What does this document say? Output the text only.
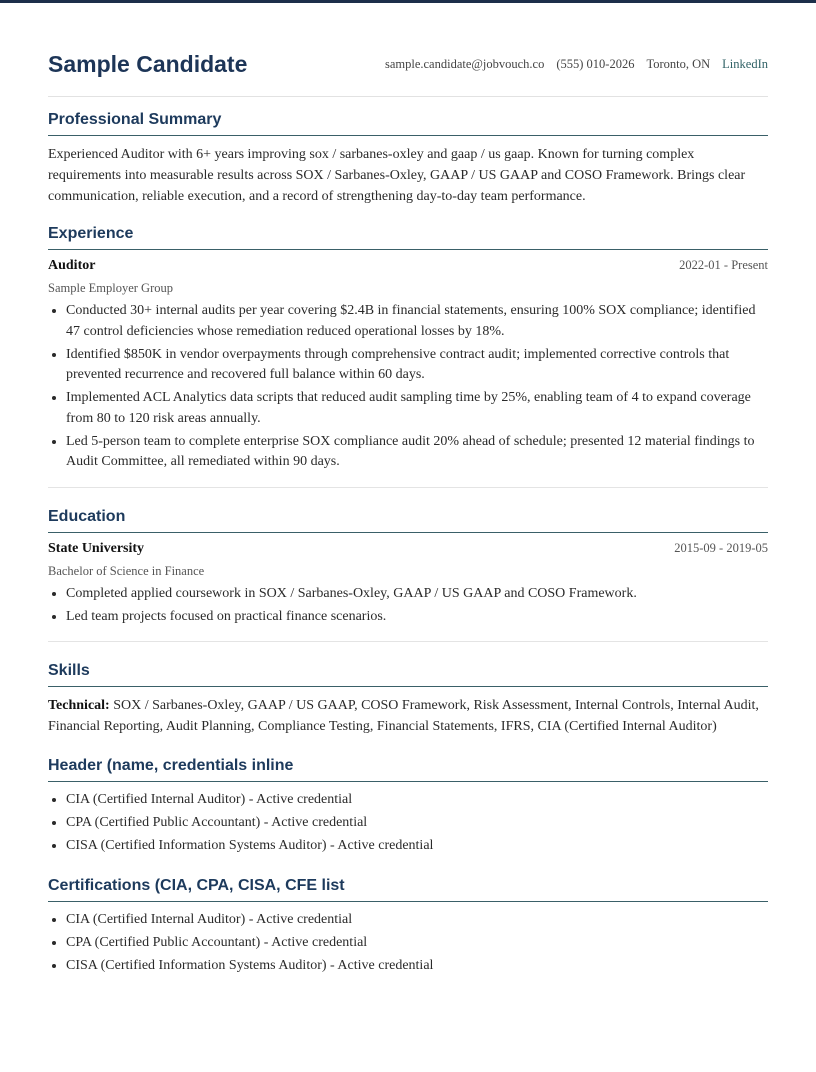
Sample Candidate	sample.candidate@jobvouch.co (555) 010-2026 Toronto, ON LinkedIn
Professional Summary

Experienced Auditor with 6+ years improving sox / sarbanes-oxley and gaap / us gaap. Known for turning complex requirements into measurable results across SOX / Sarbanes-Oxley, GAAP / US GAAP and COSO Framework. Brings clear communication, reliable execution, and a record of strengthening day-to-day team performance.

Experience
Auditor	2022-01 - Present
Sample Employer Group
• Conducted 30+ internal audits per year covering $2.4B in financial statements, ensuring 100% SOX compliance; identified 47 control deficiencies whose remediation reduced operational losses by 18%.
• Identified $850K in vendor overpayments through comprehensive contract audit; implemented corrective controls that prevented recurrence and recovered full balance within 60 days.
• Implemented ACL Analytics data scripts that reduced audit sampling time by 25%, enabling team of 4 to expand coverage from 80 to 120 risk areas annually.
• Led 5-person team to complete enterprise SOX compliance audit 20% ahead of schedule; presented 12 material findings to Audit Committee, all remediated within 90 days.
Education
State University	2015-09 - 2019-05
Bachelor of Science in Finance
• Completed applied coursework in SOX / Sarbanes-Oxley, GAAP / US GAAP and COSO Framework.
• Led team projects focused on practical finance scenarios.
Skills

Technical: SOX / Sarbanes-Oxley, GAAP / US GAAP, COSO Framework, Risk Assessment, Internal Controls, Internal Audit, Financial Reporting, Audit Planning, Compliance Testing, Financial Statements, IFRS, CIA (Certified Internal Auditor)

Header (name, credentials inline
• CIA (Certified Internal Auditor) - Active credential
• CPA (Certified Public Accountant) - Active credential
• CISA (Certified Information Systems Auditor) - Active credential
Certifications (CIA, CPA, CISA, CFE list
• CIA (Certified Internal Auditor) - Active credential
• CPA (Certified Public Accountant) - Active credential
• CISA (Certified Information Systems Auditor) - Active credential
